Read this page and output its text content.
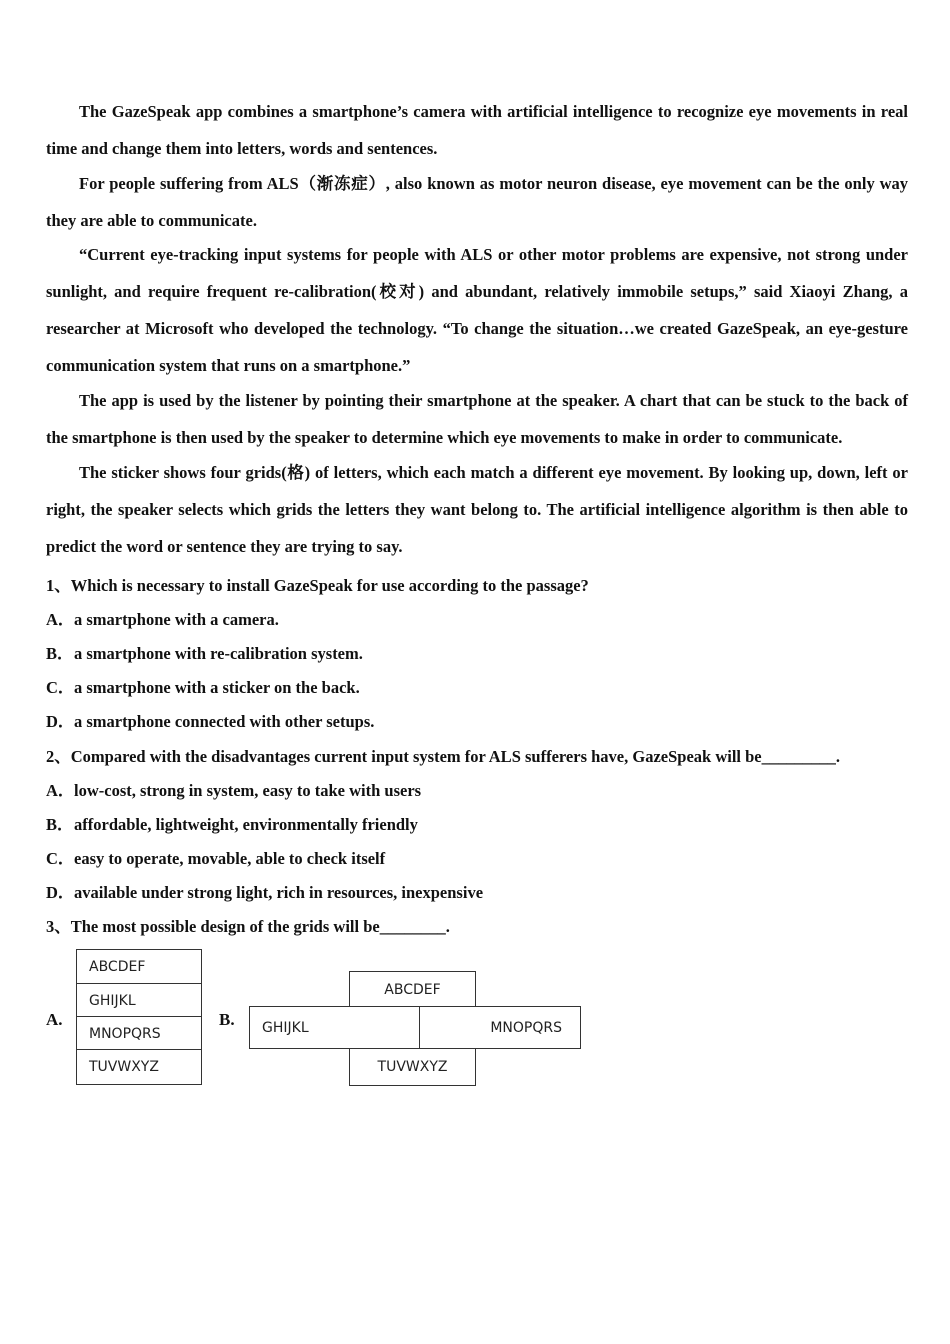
The GazeSpeak app combines a smartphone’s camera with artificial intelligence to recognize eye movements in real time and change them into letters, words and sentences.

For people suffering from ALS（渐冻症）, also known as motor neuron disease, eye movement can be the only way they are able to communicate.

“Current eye-tracking input systems for people with ALS or other motor problems are expensive, not strong under sunlight, and require frequent re-calibration(校对) and abundant, relatively immobile setups,” said Xiaoyi Zhang, a researcher at Microsoft who developed the technology. “To change the situation…we created GazeSpeak, an eye-gesture communication system that runs on a smartphone.”

The app is used by the listener by pointing their smartphone at the speaker. A chart that can be stuck to the back of the smartphone is then used by the speaker to determine which eye movements to make in order to communicate.

The sticker shows four grids(格) of letters, which each match a different eye movement. By looking up, down, left or right, the speaker selects which grids the letters they want belong to. The artificial intelligence algorithm is then able to predict the word or sentence they are trying to say.

1、Which is necessary to install GazeSpeak for use according to the passage?
A．a smartphone with a camera.
B．a smartphone with re-calibration system.
C．a smartphone with a sticker on the back.
D．a smartphone connected with other setups.
2、Compared with the disadvantages current input system for ALS sufferers have, GazeSpeak will be_________.
A．low-cost, strong in system, easy to take with users
B．affordable, lightweight, environmentally friendly
C．easy to operate, movable, able to check itself
D．available under strong light, rich in resources, inexpensive
3、The most possible design of the grids will be________.
A.
ABCDEF
GHIJKL
MNOPQRS
TUVWXYZ
B.
ABCDEF
GHIJKL	MNOPQRS
TUVWXYZ
